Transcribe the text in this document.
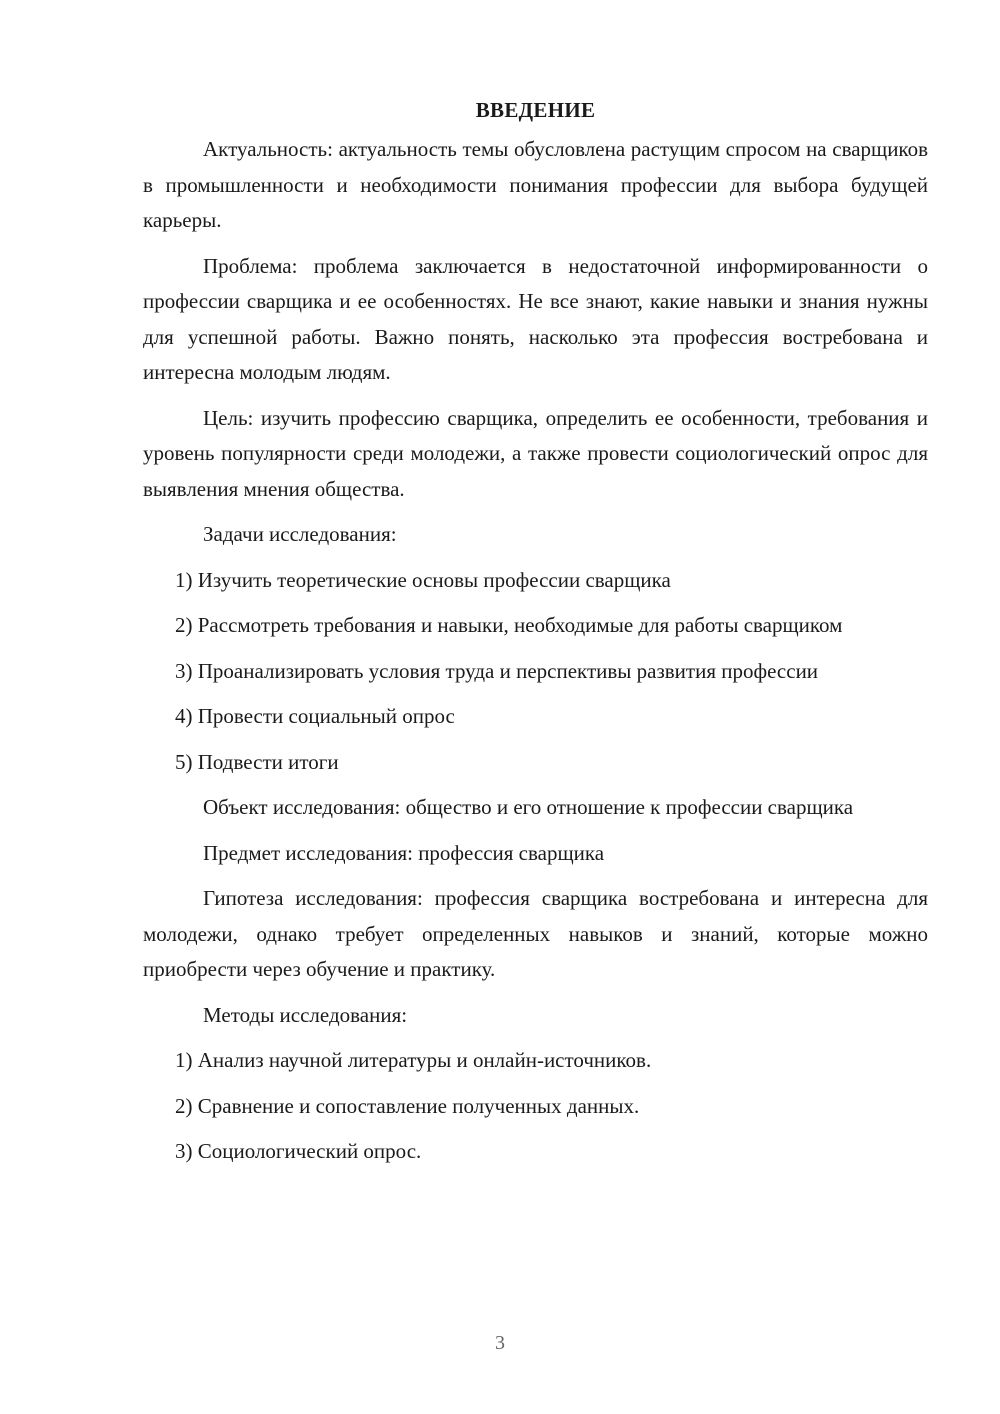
ВВЕДЕНИЕ

Актуальность: актуальность темы обусловлена растущим спросом на сварщиков в промышленности и необходимости понимания профессии для выбора будущей карьеры.

Проблема: проблема заключается в недостаточной информированности о профессии сварщика и ее особенностях. Не все знают, какие навыки и знания нужны для успешной работы. Важно понять, насколько эта профессия востребована и интересна молодым людям.

Цель: изучить профессию сварщика, определить ее особенности, требования и уровень популярности среди молодежи, а также провести социологический опрос для выявления мнения общества.

Задачи исследования:

1) Изучить теоретические основы профессии сварщика

2) Рассмотреть требования и навыки, необходимые для работы сварщиком

3) Проанализировать условия труда и перспективы развития профессии

4) Провести социальный опрос

5) Подвести итоги

Объект исследования: общество и его отношение к профессии сварщика

Предмет исследования: профессия сварщика

Гипотеза исследования: профессия сварщика востребована и интересна для молодежи, однако требует определенных навыков и знаний, которые можно приобрести через обучение и практику.

Методы исследования:

1) Анализ научной литературы и онлайн-источников.

2) Сравнение и сопоставление полученных данных.

3) Социологический опрос.

3
